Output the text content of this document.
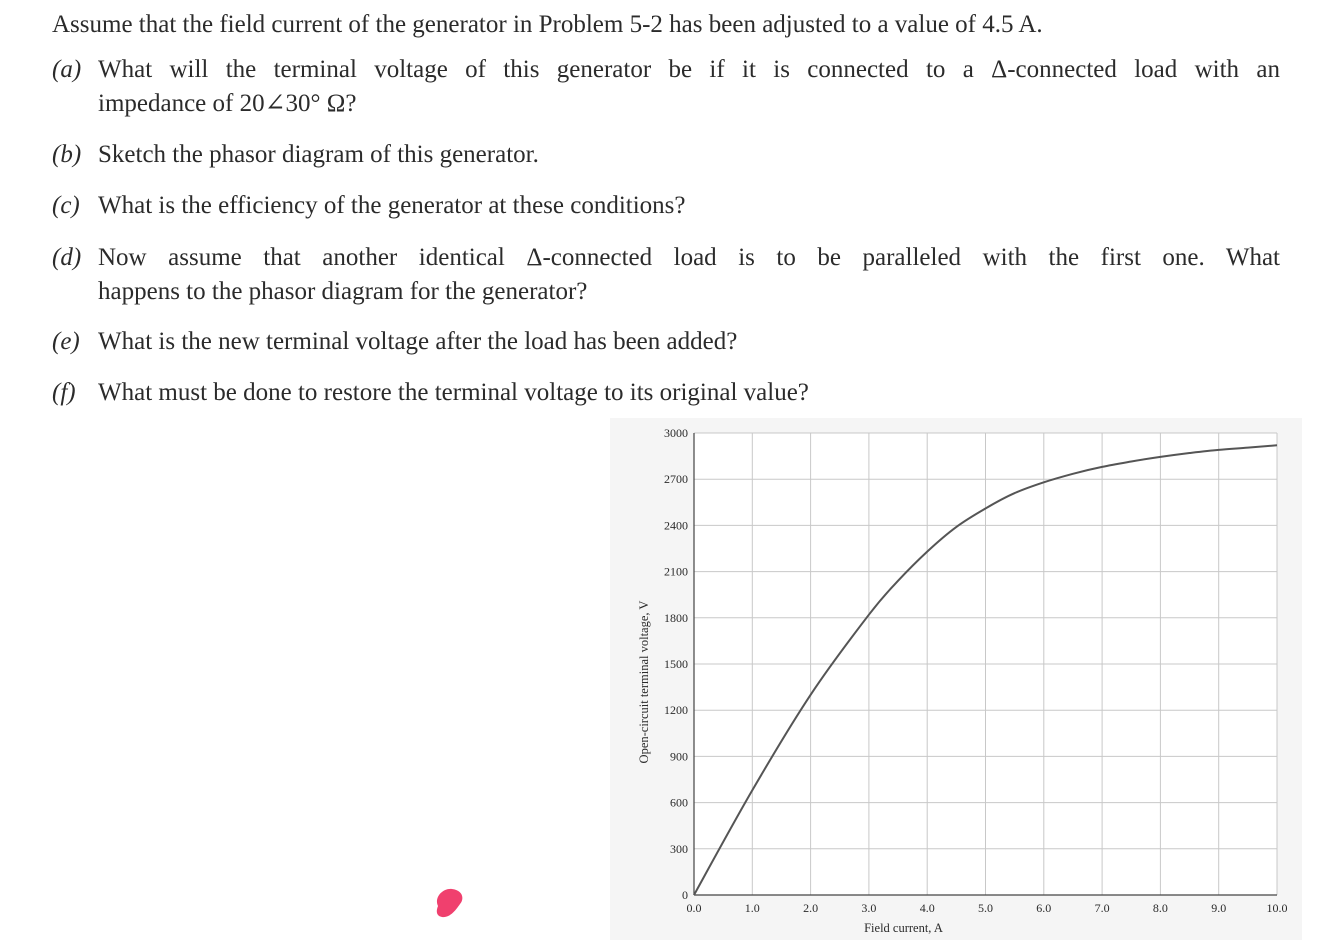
Assume that the field current of the generator in Problem 5-2 has been adjusted to a value of 4.5 A.
(a) What will the terminal voltage of this generator be if it is connected to a Δ-connected load with an
impedance of 20∠30° Ω?
(b) Sketch the phasor diagram of this generator.
(c) What is the efficiency of the generator at these conditions?
(d) Now assume that another identical Δ-connected load is to be paralleled with the first one. What
happens to the phasor diagram for the generator?
(e) What is the new terminal voltage after the load has been added?
(f) What must be done to restore the terminal voltage to its original value?
0
300
600
900
1200
1500
1800
2100
2400
2700
3000
0.0	1.0	2.0	3.0	4.0	5.0	6.0	7.0	8.0	9.0	10.0
Field current, A
Open-circuit terminal voltage, V
